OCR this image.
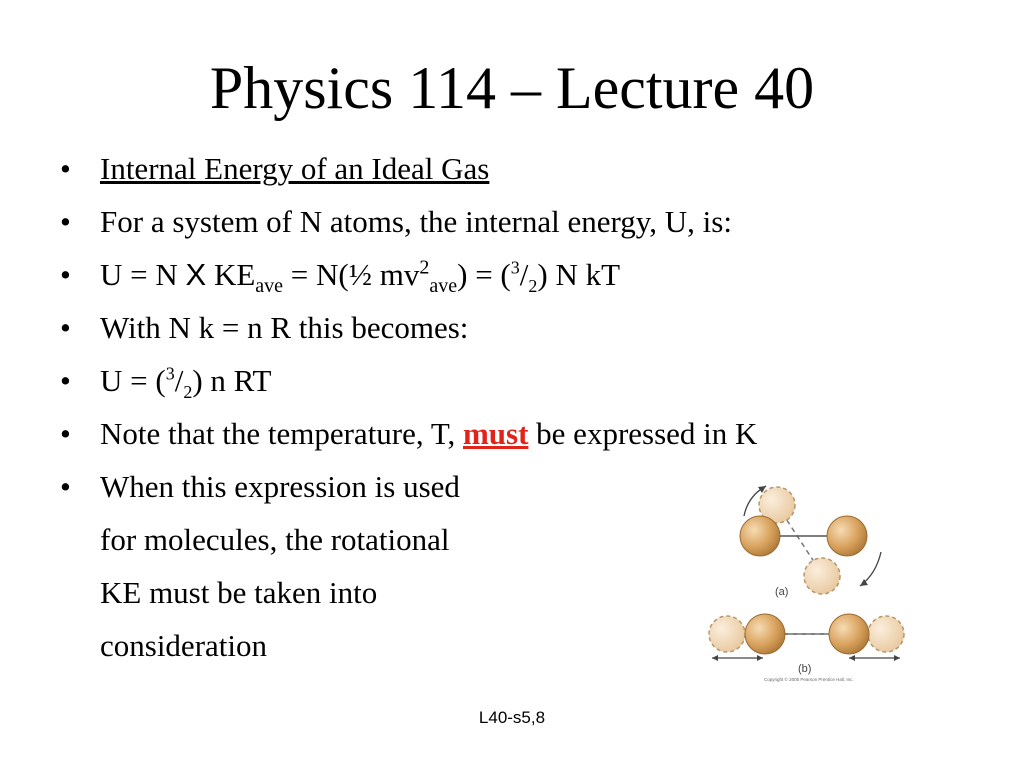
Physics 114 – Lecture 40
• Internal Energy of an Ideal Gas
• For a system of N atoms, the internal energy, U, is:
• U = N X $KE_{ave}$ = N(½ $mv^2_{ave}) = (^3/_2)$ N kT
• With N k = n R this becomes:
• $U = (^3/_2)$ n RT
• Note that the temperature, T, must be expressed in K
• When this expression is used
for molecules, the rotational
KE must be taken into
consideration
(a)
(b)
Copyright © 2005 Pearson Prentice Hall, Inc.
L40-s5,8
